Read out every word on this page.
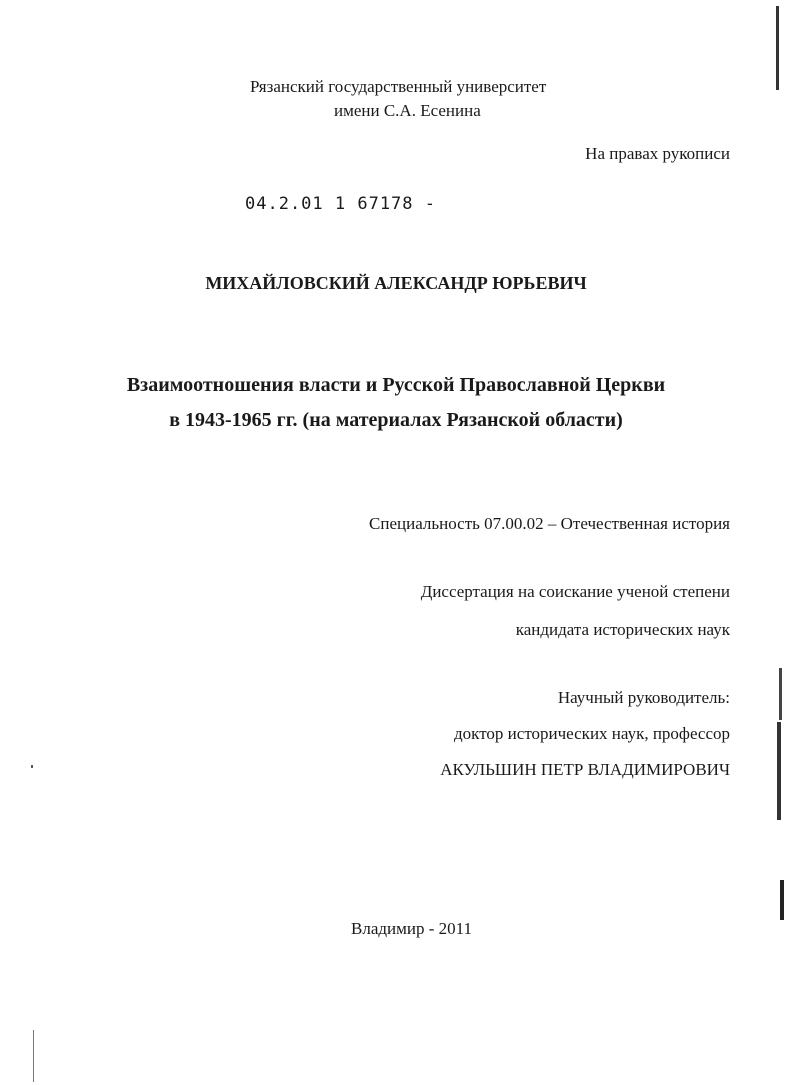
Рязанский государственный университет
имени С.А. Есенина
На правах рукописи
04.2.01 1 67178 -
МИХАЙЛОВСКИЙ АЛЕКСАНДР ЮРЬЕВИЧ
Взаимоотношения власти и Русской Православной Церкви
в 1943-1965 гг. (на материалах Рязанской области)
Специальность 07.00.02 – Отечественная история
Диссертация на соискание ученой степени
кандидата исторических наук
Научный руководитель:
доктор исторических наук, профессор
АКУЛЬШИН ПЕТР ВЛАДИМИРОВИЧ
Владимир - 2011
